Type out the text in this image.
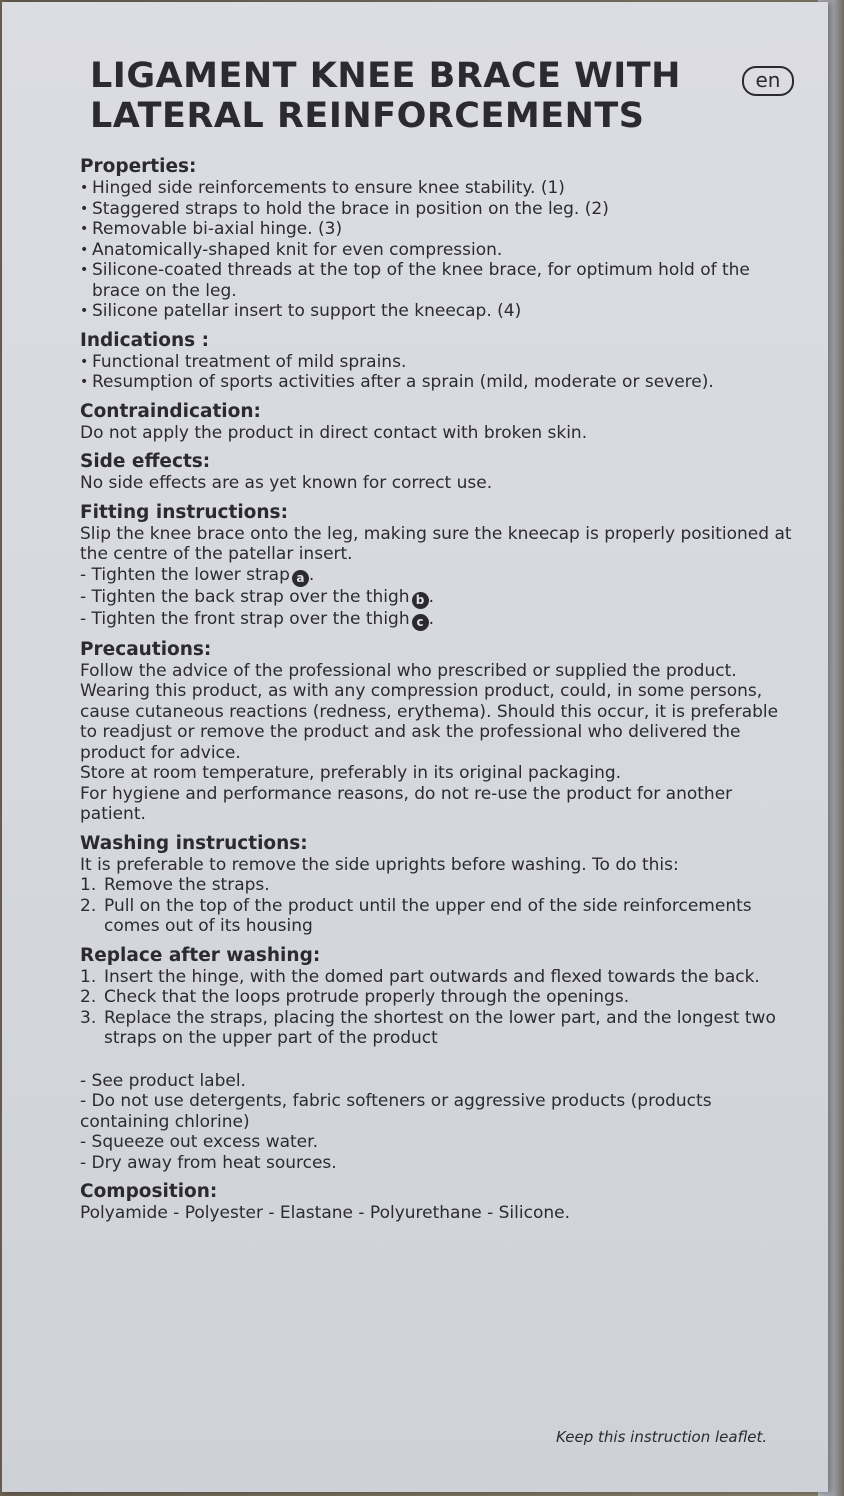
en
LIGAMENT KNEE BRACE WITH LATERAL REINFORCEMENTS

Properties:

• Hinged side reinforcements to ensure knee stability. (1)
• Staggered straps to hold the brace in position on the leg. (2)
• Removable bi-axial hinge. (3)
• Anatomically-shaped knit for even compression.
• Silicone-coated threads at the top of the knee brace, for optimum hold of the brace on the leg.
• Silicone patellar insert to support the kneecap. (4)

Indications :

• Functional treatment of mild sprains.
• Resumption of sports activities after a sprain (mild, moderate or severe).

Contraindication:

Do not apply the product in direct contact with broken skin.

Side effects:

No side effects are as yet known for correct use.

Fitting instructions:

Slip the knee brace onto the leg, making sure the kneecap is properly positioned at the centre of the patellar insert.

- Tighten the lower strap a .

- Tighten the back strap over the thigh b .

- Tighten the front strap over the thigh c .

Precautions:

Follow the advice of the professional who prescribed or supplied the product. Wearing this product, as with any compression product, could, in some persons, cause cutaneous reactions (redness, erythema). Should this occur, it is preferable to readjust or remove the product and ask the professional who delivered the product for advice.

Store at room temperature, preferably in its original packaging.

For hygiene and performance reasons, do not re-use the product for another patient.

Washing instructions:

It is preferable to remove the side uprights before washing. To do this:

1. Remove the straps.
2. Pull on the top of the product until the upper end of the side reinforcements comes out of its housing

Replace after washing:

1. Insert the hinge, with the domed part outwards and flexed towards the back.
2. Check that the loops protrude properly through the openings.
3. Replace the straps, placing the shortest on the lower part, and the longest two straps on the upper part of the product

- See product label.

- Do not use detergents, fabric softeners or aggressive products (products containing chlorine)

- Squeeze out excess water.

- Dry away from heat sources.

Composition:

Polyamide - Polyester - Elastane - Polyurethane - Silicone.

Keep this instruction leaflet.
